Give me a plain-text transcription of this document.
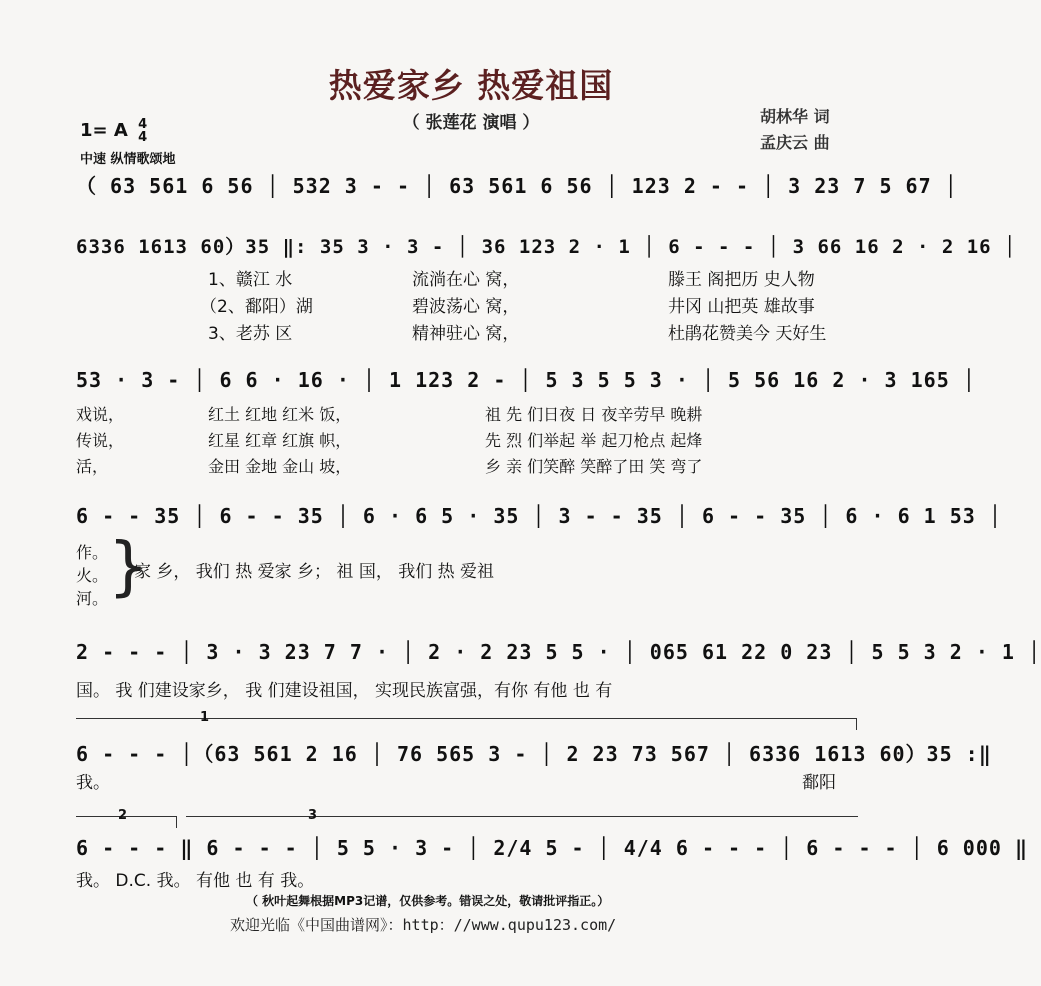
热爱家乡 热爱祖国
（ 张莲花 演唱 ）	胡林华 词
孟庆云 曲
1= A 4
4
中速 纵情歌颂地
（ 63 561 6 56 │ 532 3 - - │ 63 561 6 56 │ 123 2 - - │ 3 23 7 5 67 │
6336 1613 60）35 ‖: 35 3 · 3 - │ 36 123 2 · 1 │ 6 - - - │ 3 66 16 2 · 2 16 │
1、赣江 水	流淌在心 窝，	滕王 阁把历 史人物
（2、鄱阳）湖	碧波荡心 窝，	井冈 山把英 雄故事
3、老苏 区	精神驻心 窝，	杜鹃花赞美今 天好生
53 · 3 - │ 6 6 · 16 · │ 1 123 2 - │ 5 3 5 5 3 · │ 5 56 16 2 · 3 165 │
戏说，	红土 红地 红米 饭，	祖 先 们日夜 日 夜辛劳早 晚耕
传说，	红星 红章 红旗 帜，	先 烈 们举起 举 起刀枪点 起烽
活，	金田 金地 金山 坡，	乡 亲 们笑醉 笑醉了田 笑 弯了
6 - - 35 │ 6 - - 35 │ 6 · 6 5 · 35 │ 3 - - 35 │ 6 - - 35 │ 6 · 6 1 53 │
作。
火。
河。 }
家 乡， 我们 热 爱家 乡； 祖 国， 我们 热 爱祖
2 - - - │ 3 · 3 23 7 7 · │ 2 · 2 23 5 5 · │ 065 61 22 0 23 │ 5 5 3 2 · 1 │
国。 我 们建设家乡， 我 们建设祖国， 实现民族富强，有你 有他 也 有
1
6 - - - │（63 561 2 16 │ 76 565 3 - │ 2 23 73 567 │ 6336 1613 60）35 :‖
我。	鄱阳
2	3
6 - - - ‖ 6 - - - │ 5 5 · 3 - │ 2/4 5 - │ 4/4 6 - - - │ 6 - - - │ 6 000 ‖
我。 D.C. 我。 有他 也 有 我。
（ 秋叶起舞根据MP3记谱，仅供参考。错误之处，敬请批评指正。）
欢迎光临《中国曲谱网》：http：//www.qupu123.com/
